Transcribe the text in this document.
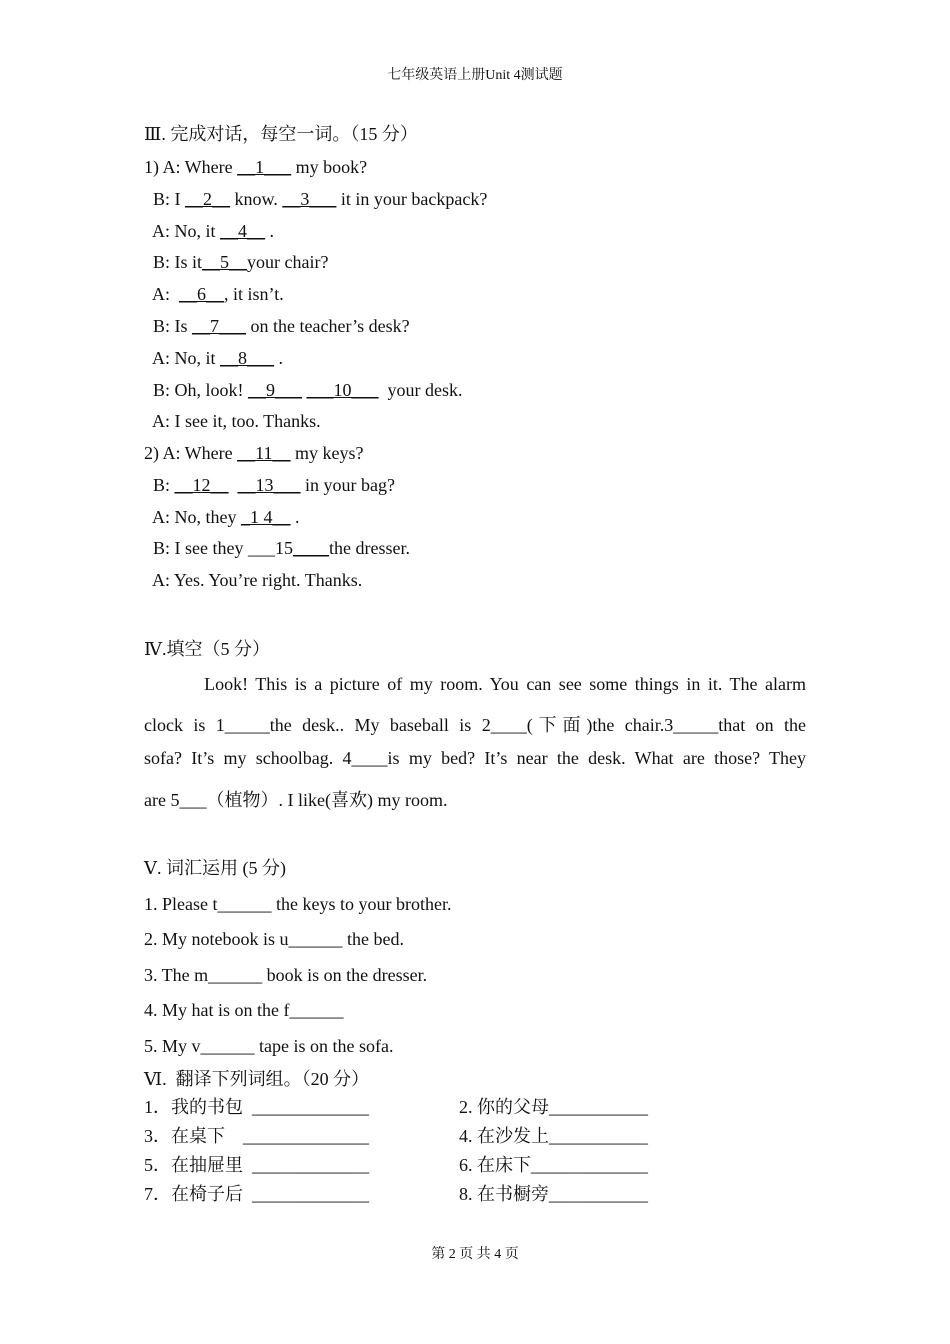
七年级英语上册Unit 4测试题
Ⅲ. 完成对话，每空一词。（15 分）
1) A: Where __1___ my book?
B: I __2__ know. __3___ it in your backpack?
A: No, it __4__ .
B: Is it__5__your chair?
A:  __6__, it isn’t.
B: Is __7___ on the teacher’s desk?
A: No, it __8___ .
B: Oh, look! __9___ ___10___  your desk.
A: I see it, too. Thanks.
2) A: Where __11__ my keys?
B: __12__ __13___ in your bag?
A: No, they _1 4__ .
B: I see they ___15____the dresser.
A: Yes. You’re right. Thanks.
Ⅳ.填空（5 分）
Look! This is a picture of my room. You can see some things in it. The alarm
clock is 1_____the desk.. My baseball is 2____(下面)the chair.3_____that on the
sofa? It’s my schoolbag. 4____is my bed? It’s near the desk. What are those? They
are 5___（植物）. I like(喜欢) my room.
Ⅴ. 词汇运用 (5 分)
1. Please t______ the keys to your brother.
2. My notebook is u______ the bed.
3. The m______ book is on the dresser.
4. My hat is on the f______
5. My v______ tape is on the sofa.
Ⅵ.  翻译下列词组。（20 分）
1．我的书包  _____________	2. 你的父母___________
3．在桌下    ______________	4. 在沙发上___________
5．在抽屉里  _____________	6. 在床下_____________
7．在椅子后  _____________	8. 在书橱旁___________
第 2 页 共 4 页
